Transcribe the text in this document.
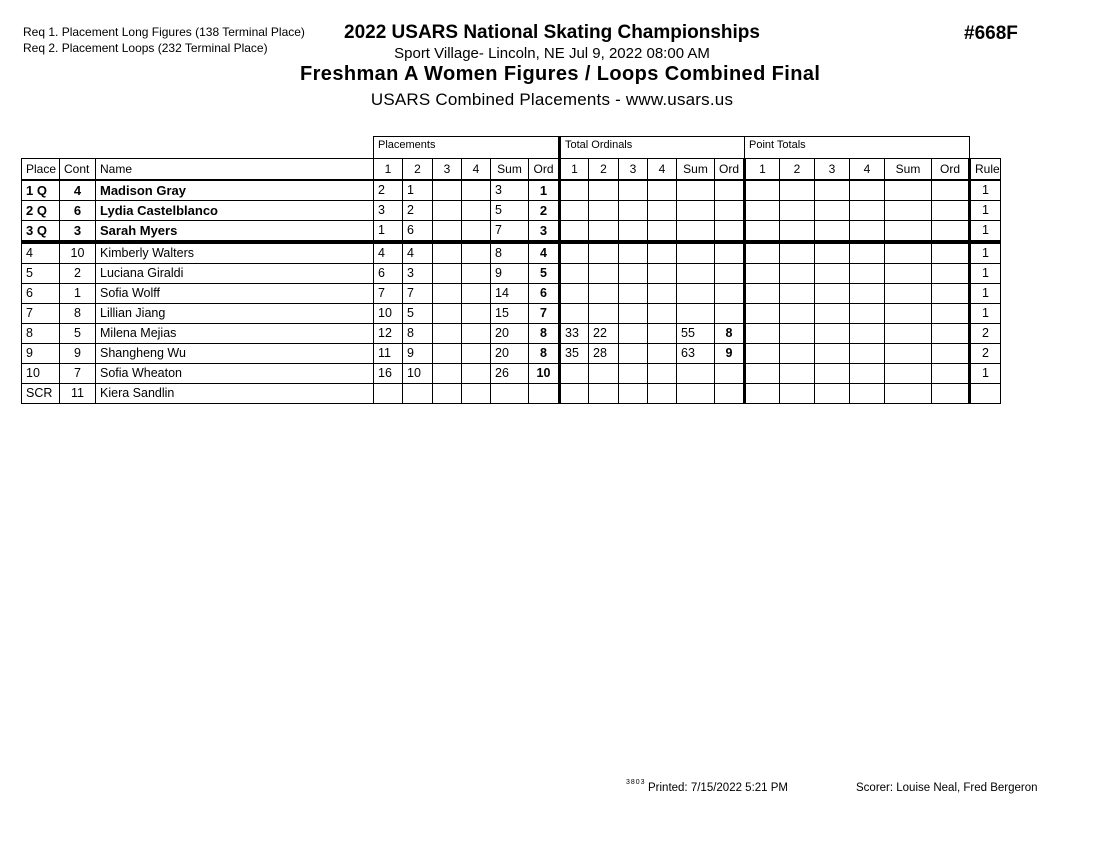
Req 1. Placement Long Figures (138 Terminal Place)
Req 2. Placement Loops (232 Terminal Place)
2022 USARS National Skating Championships
Sport Village- Lincoln, NE Jul 9, 2022 08:00 AM
Freshman A Women Figures / Loops Combined Final
USARS Combined Placements - www.usars.us
#668F
			Placements						Total Ordinals						Point Totals						
Place	Cont	Name	1	2	3	4	Sum	Ord	1	2	3	4	Sum	Ord	1	2	3	4	Sum	Ord	Rule
1 Q	4	Madison Gray	2	1			3	1													1
2 Q	6	Lydia Castelblanco	3	2			5	2													1
3 Q	3	Sarah Myers	1	6			7	3													1
4	10	Kimberly Walters	4	4			8	4													1
5	2	Luciana Giraldi	6	3			9	5													1
6	1	Sofia Wolff	7	7			14	6													1
7	8	Lillian Jiang	10	5			15	7													1
8	5	Milena Mejias	12	8			20	8	33	22			55	8							2
9	9	Shangheng Wu	11	9			20	8	35	28			63	9							2
10	7	Sofia Wheaton	16	10			26	10													1
SCR	11	Kiera Sandlin																			
3803 Printed: 7/15/2022 5:21 PM	Scorer: Louise Neal, Fred Bergeron
